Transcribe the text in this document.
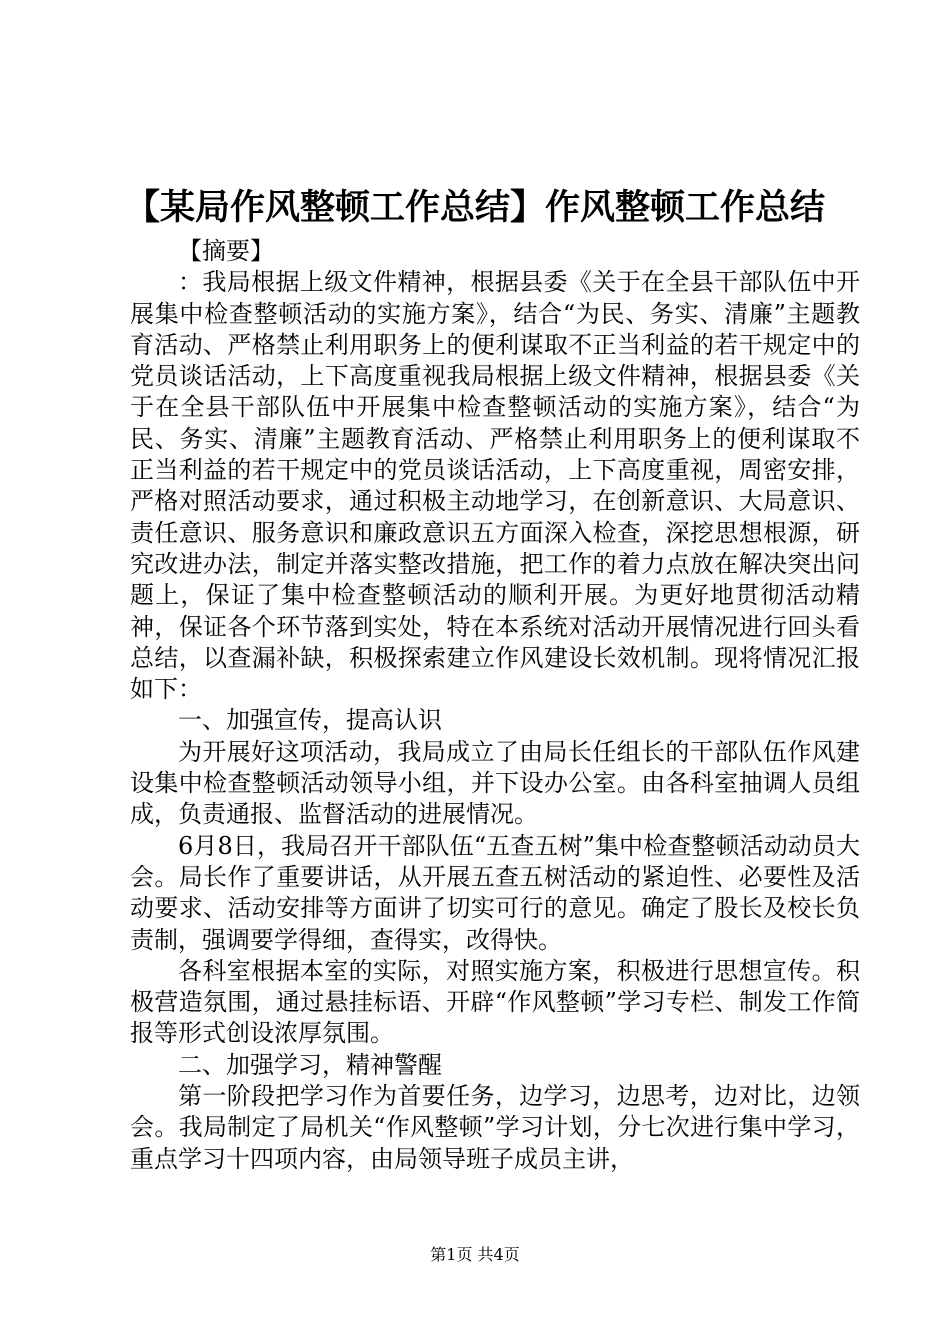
【某局作风整顿工作总结】作风整顿工作总结

【摘要】

：我局根据上级文件精神，根据县委《关于在全县干部队伍中开展集中检查整顿活动的实施方案》，结合“为民、务实、清廉”主题教育活动、严格禁止利用职务上的便利谋取不正当利益的若干规定中的党员谈话活动，上下高度重视我局根据上级文件精神，根据县委《关于在全县干部队伍中开展集中检查整顿活动的实施方案》，结合“为民、务实、清廉”主题教育活动、严格禁止利用职务上的便利谋取不正当利益的若干规定中的党员谈话活动，上下高度重视，周密安排，严格对照活动要求，通过积极主动地学习，在创新意识、大局意识、责任意识、服务意识和廉政意识五方面深入检查，深挖思想根源，研究改进办法，制定并落实整改措施，把工作的着力点放在解决突出问题上，保证了集中检查整顿活动的顺利开展。为更好地贯彻活动精神，保证各个环节落到实处，特在本系统对活动开展情况进行回头看总结，以查漏补缺，积极探索建立作风建设长效机制。现将情况汇报如下：

一、加强宣传，提高认识

为开展好这项活动，我局成立了由局长任组长的干部队伍作风建设集中检查整顿活动领导小组，并下设办公室。由各科室抽调人员组成，负责通报、监督活动的进展情况。

6月8日，我局召开干部队伍“五查五树”集中检查整顿活动动员大会。局长作了重要讲话，从开展五查五树活动的紧迫性、必要性及活动要求、活动安排等方面讲了切实可行的意见。确定了股长及校长负责制，强调要学得细，查得实，改得快。

各科室根据本室的实际，对照实施方案，积极进行思想宣传。积极营造氛围，通过悬挂标语、开辟“作风整顿”学习专栏、制发工作简报等形式创设浓厚氛围。

二、加强学习，精神警醒

第一阶段把学习作为首要任务，边学习，边思考，边对比，边领会。我局制定了局机关“作风整顿”学习计划，分七次进行集中学习，重点学习十四项内容，由局领导班子成员主讲，

第1页 共4页
